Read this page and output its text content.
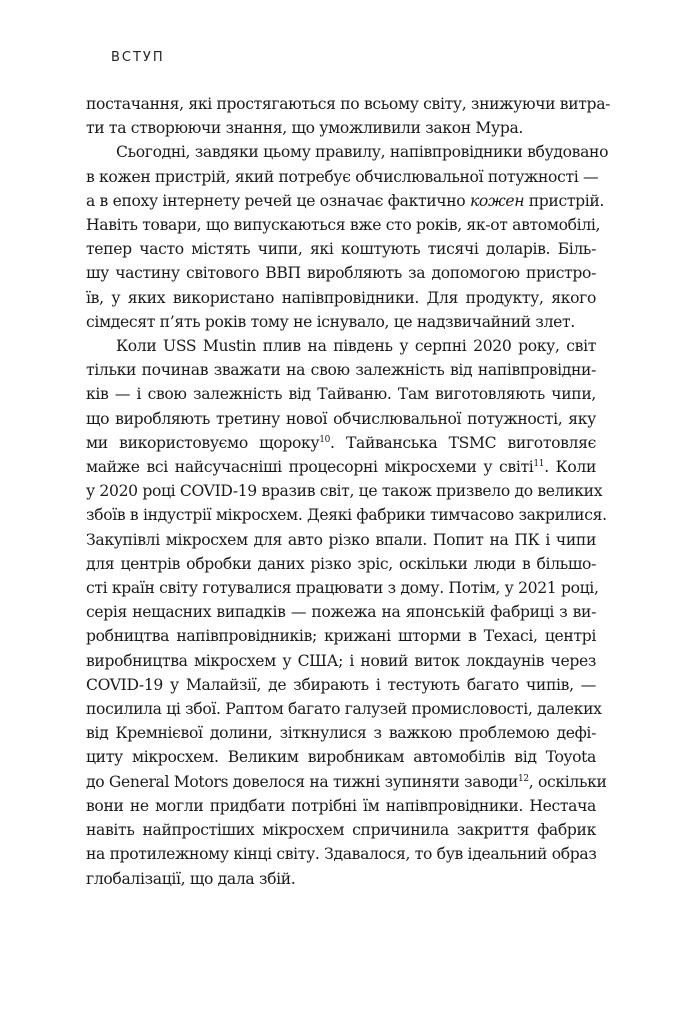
ВСТУП
постачання, які простягаються по всьому світу, знижуючи витра-
ти та створюючи знання, що уможливили закон Мура.
Сьогодні, завдяки цьому правилу, напівпровідники вбудовано
в кожен пристрій, який потребує обчислювальної потужності —
а в епоху інтернету речей це означає фактично кожен пристрій.
Навіть товари, що випускаються вже сто років, як-от автомобілі,
тепер часто містять чипи, які коштують тисячі доларів. Біль-
шу частину світового ВВП виробляють за допомогою пристро-
їв, у яких використано напівпровідники. Для продукту, якого
сімдесят п’ять років тому не існувало, це надзвичайний злет.
Коли USS Mustin плив на південь у серпні 2020 року, світ
тільки починав зважати на свою залежність від напівпровідни-
ків — і свою залежність від Тайваню. Там виготовляють чипи,
що виробляють третину нової обчислювальної потужності, яку
ми використовуємо щороку$^{10}$. Тайванська TSMC виготовляє
майже всі найсучасніші процесорні мікросхеми у світі$^{11}$. Коли
у 2020 році COVID-19 вразив світ, це також призвело до великих
збоїв в індустрії мікросхем. Деякі фабрики тимчасово закрилися.
Закупівлі мікросхем для авто різко впали. Попит на ПК і чипи
для центрів обробки даних різко зріс, оскільки люди в більшо-
сті країн світу готувалися працювати з дому. Потім, у 2021 році,
серія нещасних випадків — пожежа на японській фабриці з ви-
робництва напівпровідників; крижані шторми в Техасі, центрі
виробництва мікросхем у США; і новий виток локдаунів через
COVID-19 у Малайзії, де збирають і тестують багато чипів, —
посилила ці збої. Раптом багато галузей промисловості, далеких
від Кремнієвої долини, зіткнулися з важкою проблемою дефі-
циту мікросхем. Великим виробникам автомобілів від Toyota
до General Motors довелося на тижні зупиняти заводи$^{12}$, оскільки
вони не могли придбати потрібні їм напівпровідники. Нестача
навіть найпростіших мікросхем спричинила закриття фабрик
на протилежному кінці світу. Здавалося, то був ідеальний образ
глобалізації, що дала збій.
